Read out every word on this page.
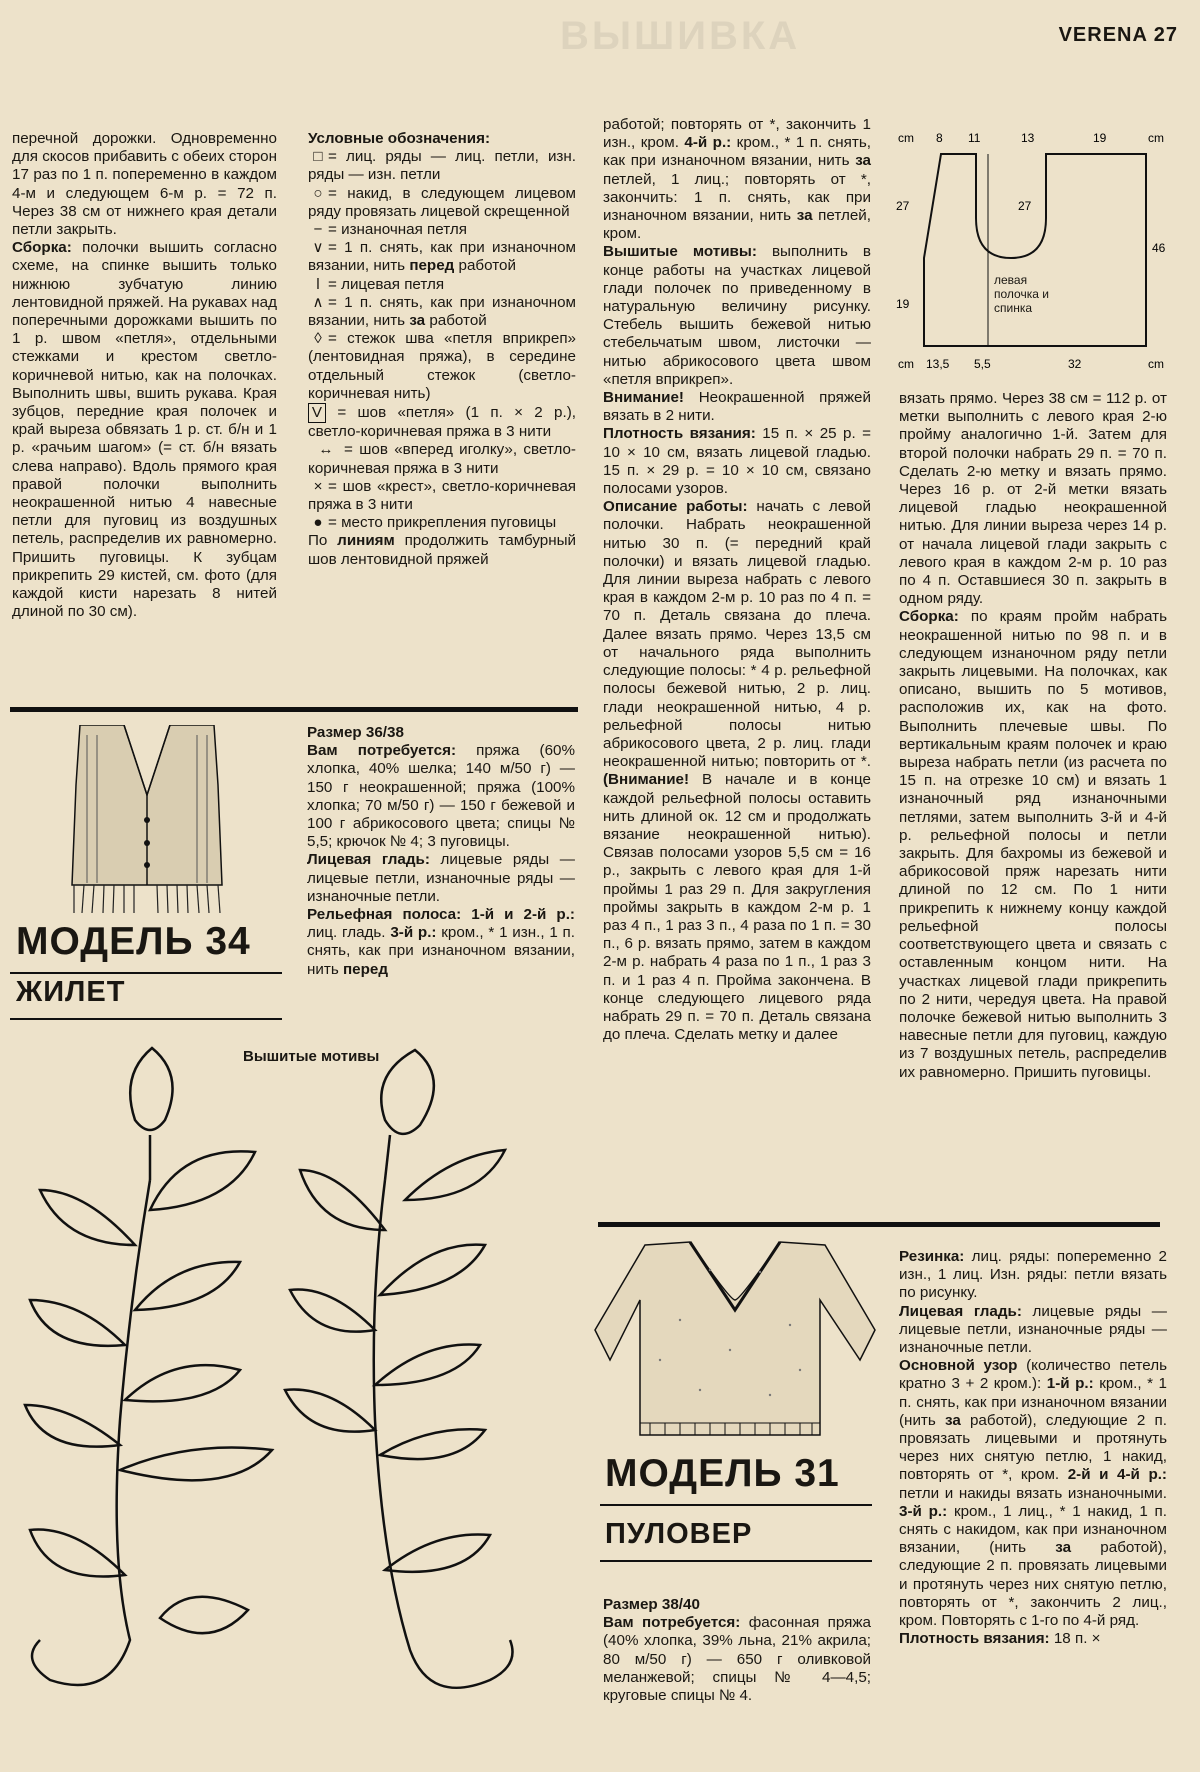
ВЫШИВКА	VERENA 27

перечной дорожки. Одновременно для скосов прибавить с обеих сторон 17 раз по 1 п. попеременно в каждом 4-м и следующем 6-м р. = 72 п. Через 38 см от нижнего края детали петли закрыть.

Сборка: полочки вышить согласно схеме, на спинке вышить только нижнюю зубчатую линию лентовидной пряжей. На рукавах над поперечными дорожками вышить по 1 р. швом «петля», отдельными стежками и крестом светло-коричневой нитью, как на полочках. Выполнить швы, вшить рукава. Края зубцов, передние края полочек и край выреза обвязать 1 р. ст. б/н и 1 р. «рачьим шагом» (= ст. б/н вязать слева направо). Вдоль прямого края правой полочки выполнить неокрашенной нитью 4 навесные петли для пуговиц из воздушных петель, распределив их равномерно. Пришить пуговицы. К зубцам прикрепить 29 кистей, см. фото (для каждой кисти нарезать 8 нитей длиной по 30 см).

Условные обозначения:

□ = лиц. ряды — лиц. петли, изн. ряды — изн. петли

○ = накид, в следующем лицевом ряду провязать лицевой скрещенной

− = изнаночная петля

∨ = 1 п. снять, как при изнаночном вязании, нить перед работой

ǀ = лицевая петля

∧ = 1 п. снять, как при изнаночном вязании, нить за работой

◊ = стежок шва «петля вприкреп» (лентовидная пряжа), в середине отдельный стежок (светло-коричневая нить)

V = шов «петля» (1 п. × 2 р.), светло-коричневая пряжа в 3 нити

↔ = шов «вперед иголку», светло-коричневая пряжа в 3 нити

× = шов «крест», светло-коричневая пряжа в 3 нити

● = место прикрепления пуговицы

По линиям продолжить тамбурный шов лентовидной пряжей

работой; повторять от *, закончить 1 изн., кром. 4-й р.: кром., * 1 п. снять, как при изнаночном вязании, нить за петлей, 1 лиц.; повторять от *, закончить: 1 п. снять, как при изнаночном вязании, нить за петлей, кром.

Вышитые мотивы: выполнить в конце работы на участках лицевой глади полочек по приведенному в натуральную величину рисунку. Стебель вышить бежевой нитью стебельчатым швом, листочки — нитью абрикосового цвета швом «петля вприкреп».

Внимание! Неокрашенной пряжей вязать в 2 нити.

Плотность вязания: 15 п. × 25 р. = 10 × 10 см, вязать лицевой гладью. 15 п. × 29 р. = 10 × 10 см, связано полосами узоров.

Описание работы: начать с левой полочки. Набрать неокрашенной нитью 30 п. (= передний край полочки) и вязать лицевой гладью. Для линии выреза набрать с левого края в каждом 2-м р. 10 раз по 4 п. = 70 п. Деталь связана до плеча. Далее вязать прямо. Через 13,5 см от начального ряда выполнить следующие полосы: * 4 р. рельефной полосы бежевой нитью, 2 р. лиц. глади неокрашенной нитью, 4 р. рельефной полосы нитью абрикосового цвета, 2 р. лиц. глади неокрашенной нитью; повторить от *. (Внимание! В начале и в конце каждой рельефной полосы оставить нить длиной ок. 12 см и продолжать вязание неокрашенной нитью). Связав полосами узоров 5,5 см = 16 р., закрыть с левого края для 1-й проймы 1 раз 29 п. Для закругления проймы закрыть в каждом 2-м р. 1 раз 4 п., 1 раз 3 п., 4 раза по 1 п. = 30 п., 6 р. вязать прямо, затем в каждом 2-м р. набрать 4 раза по 1 п., 1 раз 3 п. и 1 раз 4 п. Пройма закончена. В конце следующего лицевого ряда набрать 29 п. = 70 п. Деталь связана до плеча. Сделать метку и далее

cm 8 11	13	19	cm
27
19
27
46
левая полочка и спинка
cm 13,5 5,5	32	cm

вязать прямо. Через 38 см = 112 р. от метки выполнить с левого края 2-ю пройму аналогично 1-й. Затем для второй полочки набрать 29 п. = 70 п. Сделать 2-ю метку и вязать прямо. Через 16 р. от 2-й метки вязать лицевой гладью неокрашенной нитью. Для линии выреза через 14 р. от начала лицевой глади закрыть с левого края в каждом 2-м р. 10 раз по 4 п. Оставшиеся 30 п. закрыть в одном ряду.

Сборка: по краям пройм набрать неокрашенной нитью по 98 п. и в следующем изнаночном ряду петли закрыть лицевыми. На полочках, как описано, вышить по 5 мотивов, расположив их, как на фото. Выполнить плечевые швы. По вертикальным краям полочек и краю выреза набрать петли (из расчета по 15 п. на отрезке 10 см) и вязать 1 изнаночный ряд изнаночными петлями, затем выполнить 3-й и 4-й р. рельефной полосы и петли закрыть. Для бахромы из бежевой и абрикосовой пряж нарезать нити длиной по 12 см. По 1 нити прикрепить к нижнему концу каждой рельефной полосы соответствующего цвета и связать с оставленным концом нити. На участках лицевой глади прикрепить по 2 нити, чередуя цвета. На правой полочке бежевой нитью выполнить 3 навесные петли для пуговиц, каждую из 7 воздушных петель, распределив их равномерно. Пришить пуговицы.

МОДЕЛЬ 34
ЖИЛЕТ

Размер 36/38

Вам потребуется: пряжа (60% хлопка, 40% шелка; 140 м/50 г) — 150 г неокрашенной; пряжа (100% хлопка; 70 м/50 г) — 150 г бежевой и 100 г абрикосового цвета; спицы № 5,5; крючок № 4; 3 пуговицы.

Лицевая гладь: лицевые ряды — лицевые петли, изнаночные ряды — изнаночные петли.

Рельефная полоса: 1-й и 2-й р.: лиц. гладь. 3-й р.: кром., * 1 изн., 1 п. снять, как при изнаночном вязании, нить перед

Вышитые мотивы
МОДЕЛЬ 31
ПУЛОВЕР

Размер 38/40

Вам потребуется: фасонная пряжа (40% хлопка, 39% льна, 21% акрила; 80 м/50 г) — 650 г оливковой меланжевой; спицы № 4—4,5; круговые спицы № 4.

Резинка: лиц. ряды: попеременно 2 изн., 1 лиц. Изн. ряды: петли вязать по рисунку.

Лицевая гладь: лицевые ряды — лицевые петли, изнаночные ряды — изнаночные петли.

Основной узор (количество петель кратно 3 + 2 кром.): 1-й р.: кром., * 1 п. снять, как при изнаночном вязании (нить за работой), следующие 2 п. провязать лицевыми и протянуть через них снятую петлю, 1 накид, повторять от *, кром. 2-й и 4-й р.: петли и накиды вязать изнаночными. 3-й р.: кром., 1 лиц., * 1 накид, 1 п. снять с накидом, как при изнаночном вязании, (нить за работой), следующие 2 п. провязать лицевыми и протянуть через них снятую петлю, повторять от *, закончить 2 лиц., кром. Повторять с 1-го по 4-й ряд.

Плотность вязания: 18 п. ×
